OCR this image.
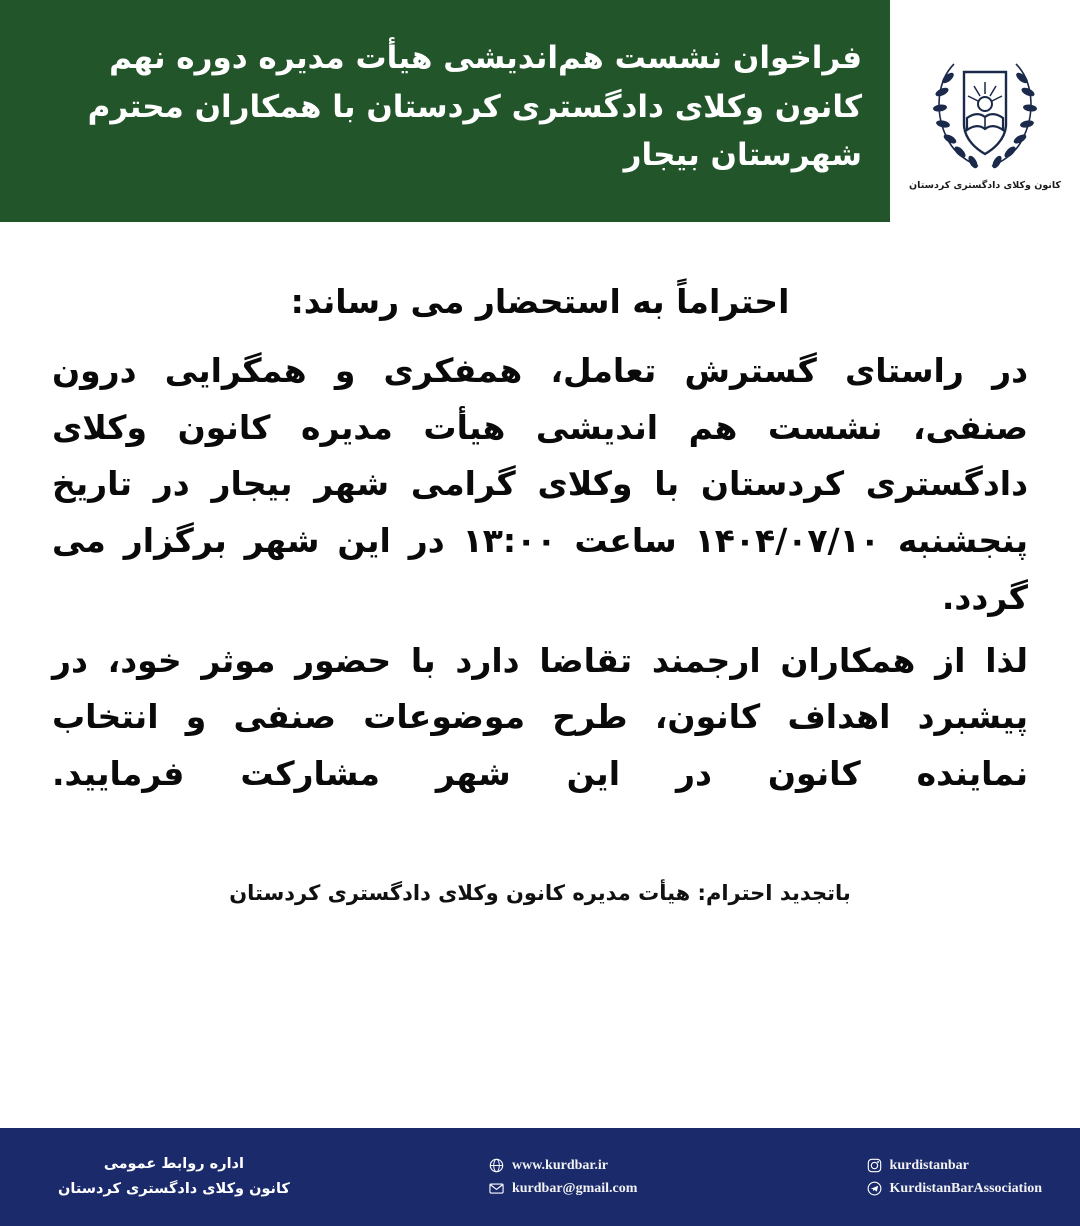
فراخوان نشست هم‌اندیشی هیأت مدیره دوره نهم کانون وکلای دادگستری کردستان با همکاران محترم شهرستان بیجار
کانون وکلای دادگستری کردستان

احتراماً به استحضار می رساند:

در راستای گسترش تعامل، همفکری و همگرایی درون صنفی، نشست هم اندیشی هیأت مدیره کانون وکلای دادگستری کردستان با وکلای گرامی شهر بیجار در تاریخ پنجشنبه ۱۴۰۴/۰۷/۱۰ ساعت ۱۳:۰۰ در این شهر برگزار می گردد.

لذا از همکاران ارجمند تقاضا دارد با حضور موثر خود، در پیشبرد اهداف کانون، طرح موضوعات صنفی و انتخاب نماینده کانون در این شهر مشارکت فرمایید.

باتجدید احترام: هیأت مدیره کانون وکلای دادگستری کردستان
اداره روابط عمومی
کانون وکلای دادگستری کردستان
www.kurdbar.ir
kurdbar@gmail.com
kurdistanbar
KurdistanBarAssociation
